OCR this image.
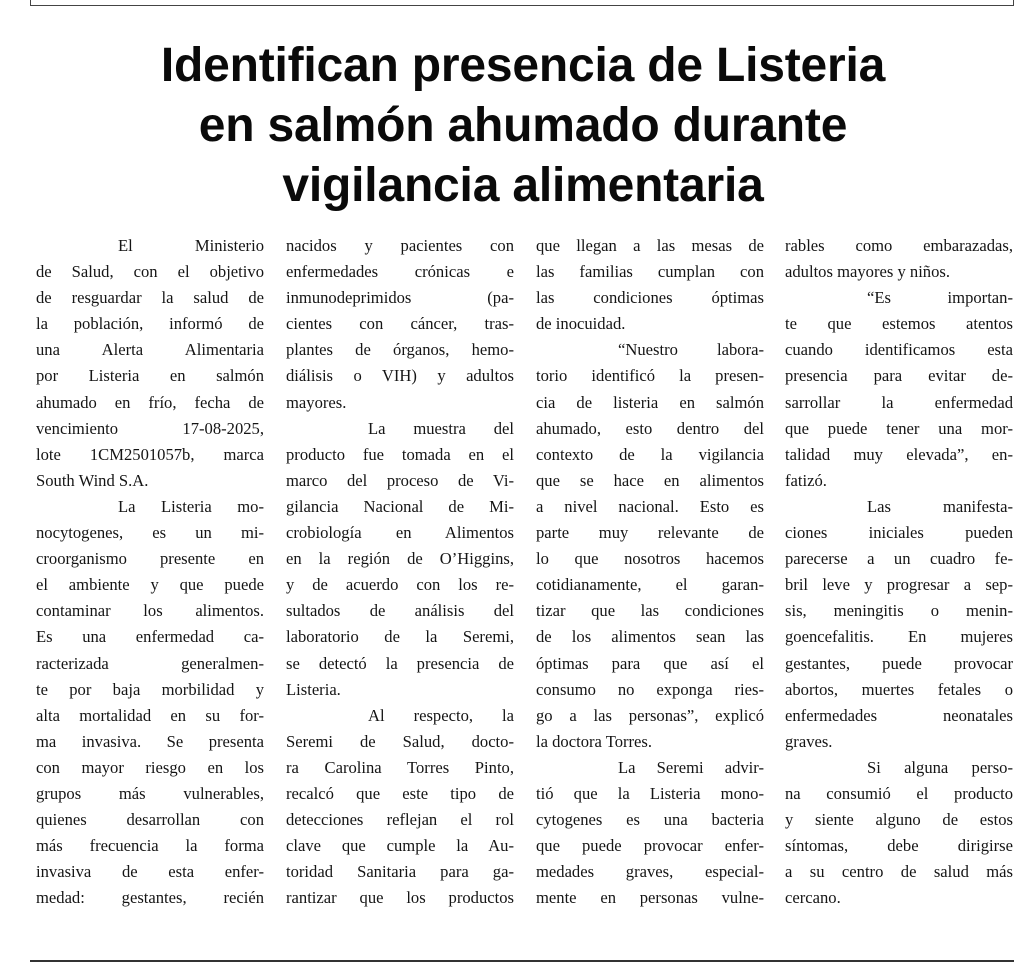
Identifican presencia de Listeria
en salmón ahumado durante
vigilancia alimentaria

El Ministerio

de Salud, con el objetivo

de resguardar la salud de

la población, informó de

una Alerta Alimentaria

por Listeria en salmón

ahumado en frío, fecha de

vencimiento 17-08-2025,

lote 1CM2501057b, marca

South Wind S.A.

La Listeria mo-

nocytogenes, es un mi-

croorganismo presente en

el ambiente y que puede

contaminar los alimentos.

Es una enfermedad ca-

racterizada generalmen-

te por baja morbilidad y

alta mortalidad en su for-

ma invasiva. Se presenta

con mayor riesgo en los

grupos más vulnerables,

quienes desarrollan con

más frecuencia la forma

invasiva de esta enfer-

medad: gestantes, recién

nacidos y pacientes con

enfermedades crónicas e

inmunodeprimidos (pa-

cientes con cáncer, tras-

plantes de órganos, hemo-

diálisis o VIH) y adultos

mayores.

La muestra del

producto fue tomada en el

marco del proceso de Vi-

gilancia Nacional de Mi-

crobiología en Alimentos

en la región de O’Higgins,

y de acuerdo con los re-

sultados de análisis del

laboratorio de la Seremi,

se detectó la presencia de

Listeria.

Al respecto, la

Seremi de Salud, docto-

ra Carolina Torres Pinto,

recalcó que este tipo de

detecciones reflejan el rol

clave que cumple la Au-

toridad Sanitaria para ga-

rantizar que los productos

que llegan a las mesas de

las familias cumplan con

las condiciones óptimas

de inocuidad.

“Nuestro labora-

torio identificó la presen-

cia de listeria en salmón

ahumado, esto dentro del

contexto de la vigilancia

que se hace en alimentos

a nivel nacional. Esto es

parte muy relevante de

lo que nosotros hacemos

cotidianamente, el garan-

tizar que las condiciones

de los alimentos sean las

óptimas para que así el

consumo no exponga ries-

go a las personas”, explicó

la doctora Torres.

La Seremi advir-

tió que la Listeria mono-

cytogenes es una bacteria

que puede provocar enfer-

medades graves, especial-

mente en personas vulne-

rables como embarazadas,

adultos mayores y niños.

“Es importan-

te que estemos atentos

cuando identificamos esta

presencia para evitar de-

sarrollar la enfermedad

que puede tener una mor-

talidad muy elevada”, en-

fatizó.

Las manifesta-

ciones iniciales pueden

parecerse a un cuadro fe-

bril leve y progresar a sep-

sis, meningitis o menin-

goencefalitis. En mujeres

gestantes, puede provocar

abortos, muertes fetales o

enfermedades neonatales

graves.

Si alguna perso-

na consumió el producto

y siente alguno de estos

síntomas, debe dirigirse

a su centro de salud más

cercano.
